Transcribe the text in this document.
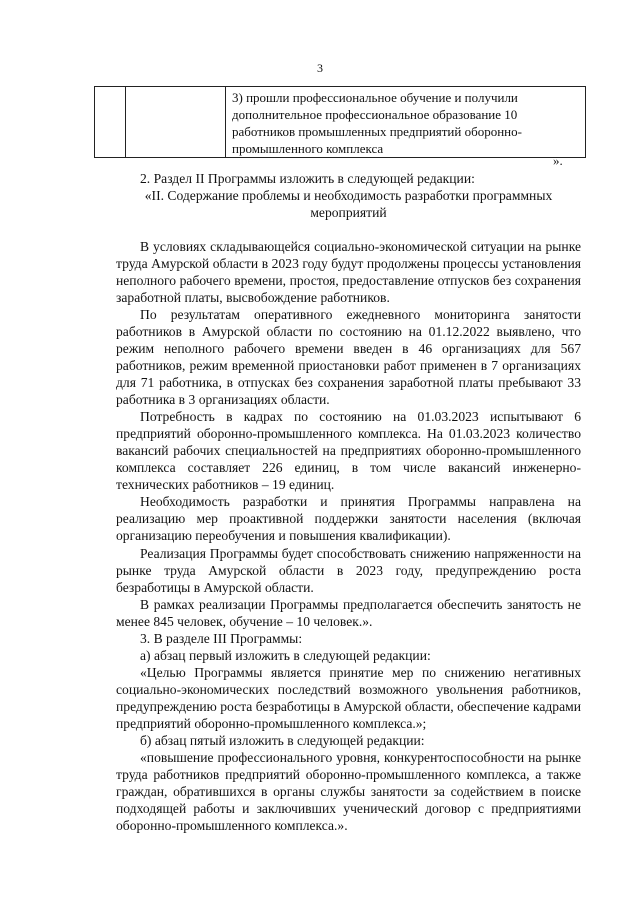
3
		3) прошли профессиональное обучение и получили дополнительное профессиональное образование 10 работников промышленных предприятий оборонно-промышленного комплекса
».
2. Раздел II Программы изложить в следующей редакции:

«II. Содержание проблемы и необходимость разработки программных мероприятий

В условиях складывающейся социально-экономической ситуации на рынке труда Амурской области в 2023 году будут продолжены процессы установления неполного рабочего времени, простоя, предоставление отпусков без сохранения заработной платы, высвобождение работников.

По результатам оперативного ежедневного мониторинга занятости работников в Амурской области по состоянию на 01.12.2022 выявлено, что режим неполного рабочего времени введен в 46 организациях для 567 работников, режим временной приостановки работ применен в 7 организациях для 71 работника, в отпусках без сохранения заработной платы пребывают 33 работника в 3 организациях области.

Потребность в кадрах по состоянию на 01.03.2023 испытывают 6 предприятий оборонно-промышленного комплекса. На 01.03.2023 количество вакансий рабочих специальностей на предприятиях оборонно-промышленного комплекса составляет 226 единиц, в том числе вакансий инженерно-технических работников – 19 единиц.

Необходимость разработки и принятия Программы направлена на реализацию мер проактивной поддержки занятости населения (включая организацию переобучения и повышения квалификации).

Реализация Программы будет способствовать снижению напряженности на рынке труда Амурской области в 2023 году, предупреждению роста безработицы в Амурской области.

В рамках реализации Программы предполагается обеспечить занятость не менее 845 человек, обучение – 10 человек.».

3. В разделе III Программы:
а) абзац первый изложить в следующей редакции:

«Целью Программы является принятие мер по снижению негативных социально-экономических последствий возможного увольнения работников, предупреждению роста безработицы в Амурской области, обеспечение кадрами предприятий оборонно-промышленного комплекса.»;

б) абзац пятый изложить в следующей редакции:

«повышение профессионального уровня, конкурентоспособности на рынке труда работников предприятий оборонно-промышленного комплекса, а также граждан, обратившихся в органы службы занятости за содействием в поиске подходящей работы и заключивших ученический договор с предприятиями оборонно-промышленного комплекса.».
